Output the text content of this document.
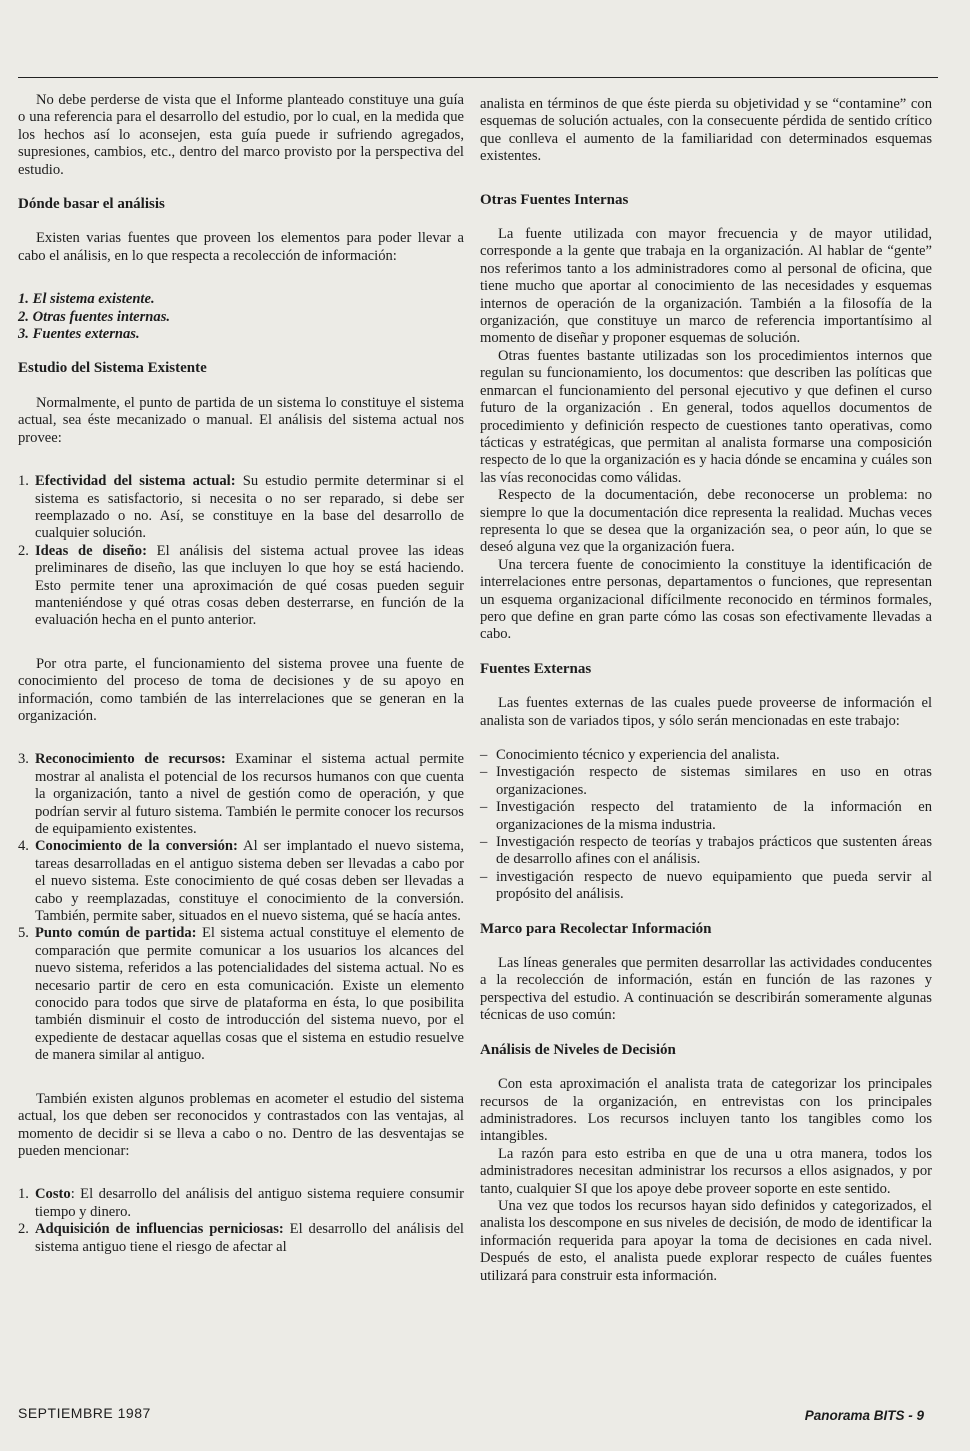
No debe perderse de vista que el Informe planteado constituye una guía o una referencia para el desarrollo del estudio, por lo cual, en la medida que los hechos así lo aconsejen, esta guía puede ir sufriendo agregados, supresiones, cambios, etc., dentro del marco provisto por la perspectiva del estudio.

Dónde basar el análisis

Existen varias fuentes que proveen los elementos para poder llevar a cabo el análisis, en lo que respecta a recolección de información:

1. El sistema existente.
2. Otras fuentes internas.
3. Fuentes externas.

Estudio del Sistema Existente

Normalmente, el punto de partida de un sistema lo constituye el sistema actual, sea éste mecanizado o manual. El análisis del sistema actual nos provee:

1. Efectividad del sistema actual: Su estudio permite determinar si el sistema es satisfactorio, si necesita o no ser reparado, si debe ser reemplazado o no. Así, se constituye en la base del desarrollo de cualquier solución.
2. Ideas de diseño: El análisis del sistema actual provee las ideas preliminares de diseño, las que incluyen lo que hoy se está haciendo. Esto permite tener una aproximación de qué cosas pueden seguir manteniéndose y qué otras cosas deben desterrarse, en función de la evaluación hecha en el punto anterior.

Por otra parte, el funcionamiento del sistema provee una fuente de conocimiento del proceso de toma de decisiones y de su apoyo en información, como también de las interrelaciones que se generan en la organización.

3. Reconocimiento de recursos: Examinar el sistema actual permite mostrar al analista el potencial de los recursos humanos con que cuenta la organización, tanto a nivel de gestión como de operación, y que podrían servir al futuro sistema. También le permite conocer los recursos de equipamiento existentes.
4. Conocimiento de la conversión: Al ser implantado el nuevo sistema, tareas desarrolladas en el antiguo sistema deben ser llevadas a cabo por el nuevo sistema. Este conocimiento de qué cosas deben ser llevadas a cabo y reemplazadas, constituye el conocimiento de la conversión. También, permite saber, situados en el nuevo sistema, qué se hacía antes.
5. Punto común de partida: El sistema actual constituye el elemento de comparación que permite comunicar a los usuarios los alcances del nuevo sistema, referidos a las potencialidades del sistema actual. No es necesario partir de cero en esta comunicación. Existe un elemento conocido para todos que sirve de plataforma en ésta, lo que posibilita también disminuir el costo de introducción del sistema nuevo, por el expediente de destacar aquellas cosas que el sistema en estudio resuelve de manera similar al antiguo.

También existen algunos problemas en acometer el estudio del sistema actual, los que deben ser reconocidos y contrastados con las ventajas, al momento de decidir si se lleva a cabo o no. Dentro de las desventajas se pueden mencionar:

1. Costo: El desarrollo del análisis del antiguo sistema requiere consumir tiempo y dinero.
2. Adquisición de influencias perniciosas: El desarrollo del análisis del sistema antiguo tiene el riesgo de afectar al

analista en términos de que éste pierda su objetividad y se “contamine” con esquemas de solución actuales, con la consecuente pérdida de sentido crítico que conlleva el aumento de la familiaridad con determinados esquemas existentes.

Otras Fuentes Internas

La fuente utilizada con mayor frecuencia y de mayor utilidad, corresponde a la gente que trabaja en la organización. Al hablar de “gente” nos referimos tanto a los administradores como al personal de oficina, que tiene mucho que aportar al conocimiento de las necesidades y esquemas internos de operación de la organización. También a la filosofía de la organización, que constituye un marco de referencia importantísimo al momento de diseñar y proponer esquemas de solución.

Otras fuentes bastante utilizadas son los procedimientos internos que regulan su funcionamiento, los documentos: que describen las políticas que enmarcan el funcionamiento del personal ejecutivo y que definen el curso futuro de la organización . En general, todos aquellos documentos de procedimiento y definición respecto de cuestiones tanto operativas, como tácticas y estratégicas, que permitan al analista formarse una composición respecto de lo que la organización es y hacia dónde se encamina y cuáles son las vías reconocidas como válidas.

Respecto de la documentación, debe reconocerse un problema: no siempre lo que la documentación dice representa la realidad. Muchas veces representa lo que se desea que la organización sea, o peor aún, lo que se deseó alguna vez que la organización fuera.

Una tercera fuente de conocimiento la constituye la identificación de interrelaciones entre personas, departamentos o funciones, que representan un esquema organizacional difícilmente reconocido en términos formales, pero que define en gran parte cómo las cosas son efectivamente llevadas a cabo.

Fuentes Externas

Las fuentes externas de las cuales puede proveerse de información el analista son de variados tipos, y sólo serán mencionadas en este trabajo:

– Conocimiento técnico y experiencia del analista.
– Investigación respecto de sistemas similares en uso en otras organizaciones.
– Investigación respecto del tratamiento de la información en organizaciones de la misma industria.
– Investigación respecto de teorías y trabajos prácticos que sustenten áreas de desarrollo afines con el análisis.
– investigación respecto de nuevo equipamiento que pueda servir al propósito del análisis.

Marco para Recolectar Información

Las líneas generales que permiten desarrollar las actividades conducentes a la recolección de información, están en función de las razones y perspectiva del estudio. A continuación se describirán someramente algunas técnicas de uso común:

Análisis de Niveles de Decisión

Con esta aproximación el analista trata de categorizar los principales recursos de la organización, en entrevistas con los principales administradores. Los recursos incluyen tanto los tangibles como los intangibles.

La razón para esto estriba en que de una u otra manera, todos los administradores necesitan administrar los recursos a ellos asignados, y por tanto, cualquier SI que los apoye debe proveer soporte en este sentido.

Una vez que todos los recursos hayan sido definidos y categorizados, el analista los descompone en sus niveles de decisión, de modo de identificar la información requerida para apoyar la toma de decisiones en cada nivel. Después de esto, el analista puede explorar respecto de cuáles fuentes utilizará para construir esta información.

SEPTIEMBRE 1987	Panorama BITS - 9
